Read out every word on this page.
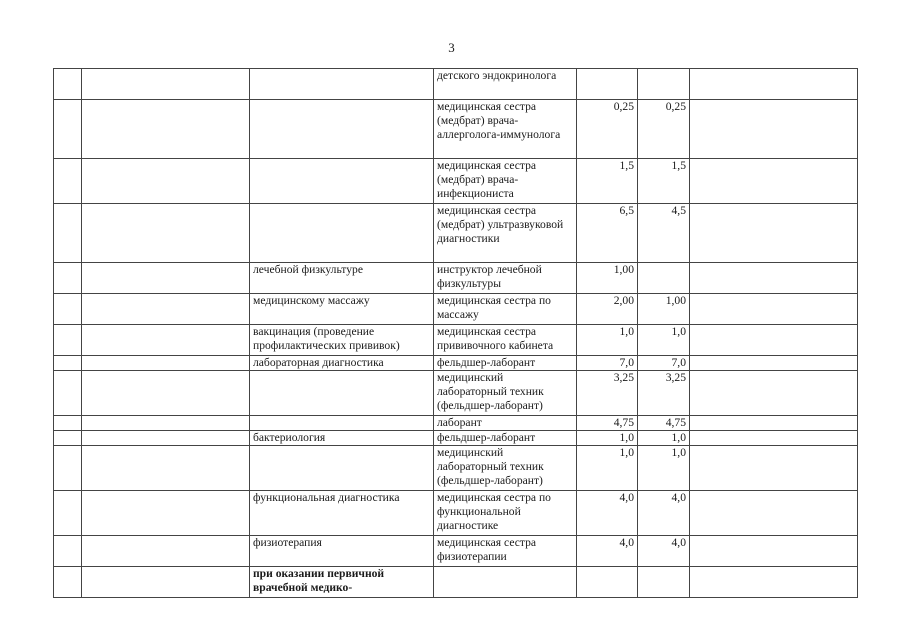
3
			детского эндокринолога			
			медицинская сестра (медбрат) врача-аллерголога-иммунолога	0,25	0,25	
			медицинская сестра (медбрат) врача-инфекциониста	1,5	1,5	
			медицинская сестра (медбрат) ультразвуковой диагностики	6,5	4,5	
		лечебной физкультуре	инструктор лечебной физкультуры	1,00		
		медицинскому массажу	медицинская сестра по массажу	2,00	1,00	
		вакцинация (проведение профилактических прививок)	медицинская сестра прививочного кабинета	1,0	1,0	
		лабораторная диагностика	фельдшер-лаборант	7,0	7,0	
			медицинский лабораторный техник (фельдшер-лаборант)	3,25	3,25	
			лаборант	4,75	4,75	
		бактериология	фельдшер-лаборант	1,0	1,0	
			медицинский лабораторный техник (фельдшер-лаборант)	1,0	1,0	
		функциональная диагностика	медицинская сестра по функциональной диагностике	4,0	4,0	
		физиотерапия	медицинская сестра физиотерапии	4,0	4,0	
		при оказании первичной врачебной медико-				
